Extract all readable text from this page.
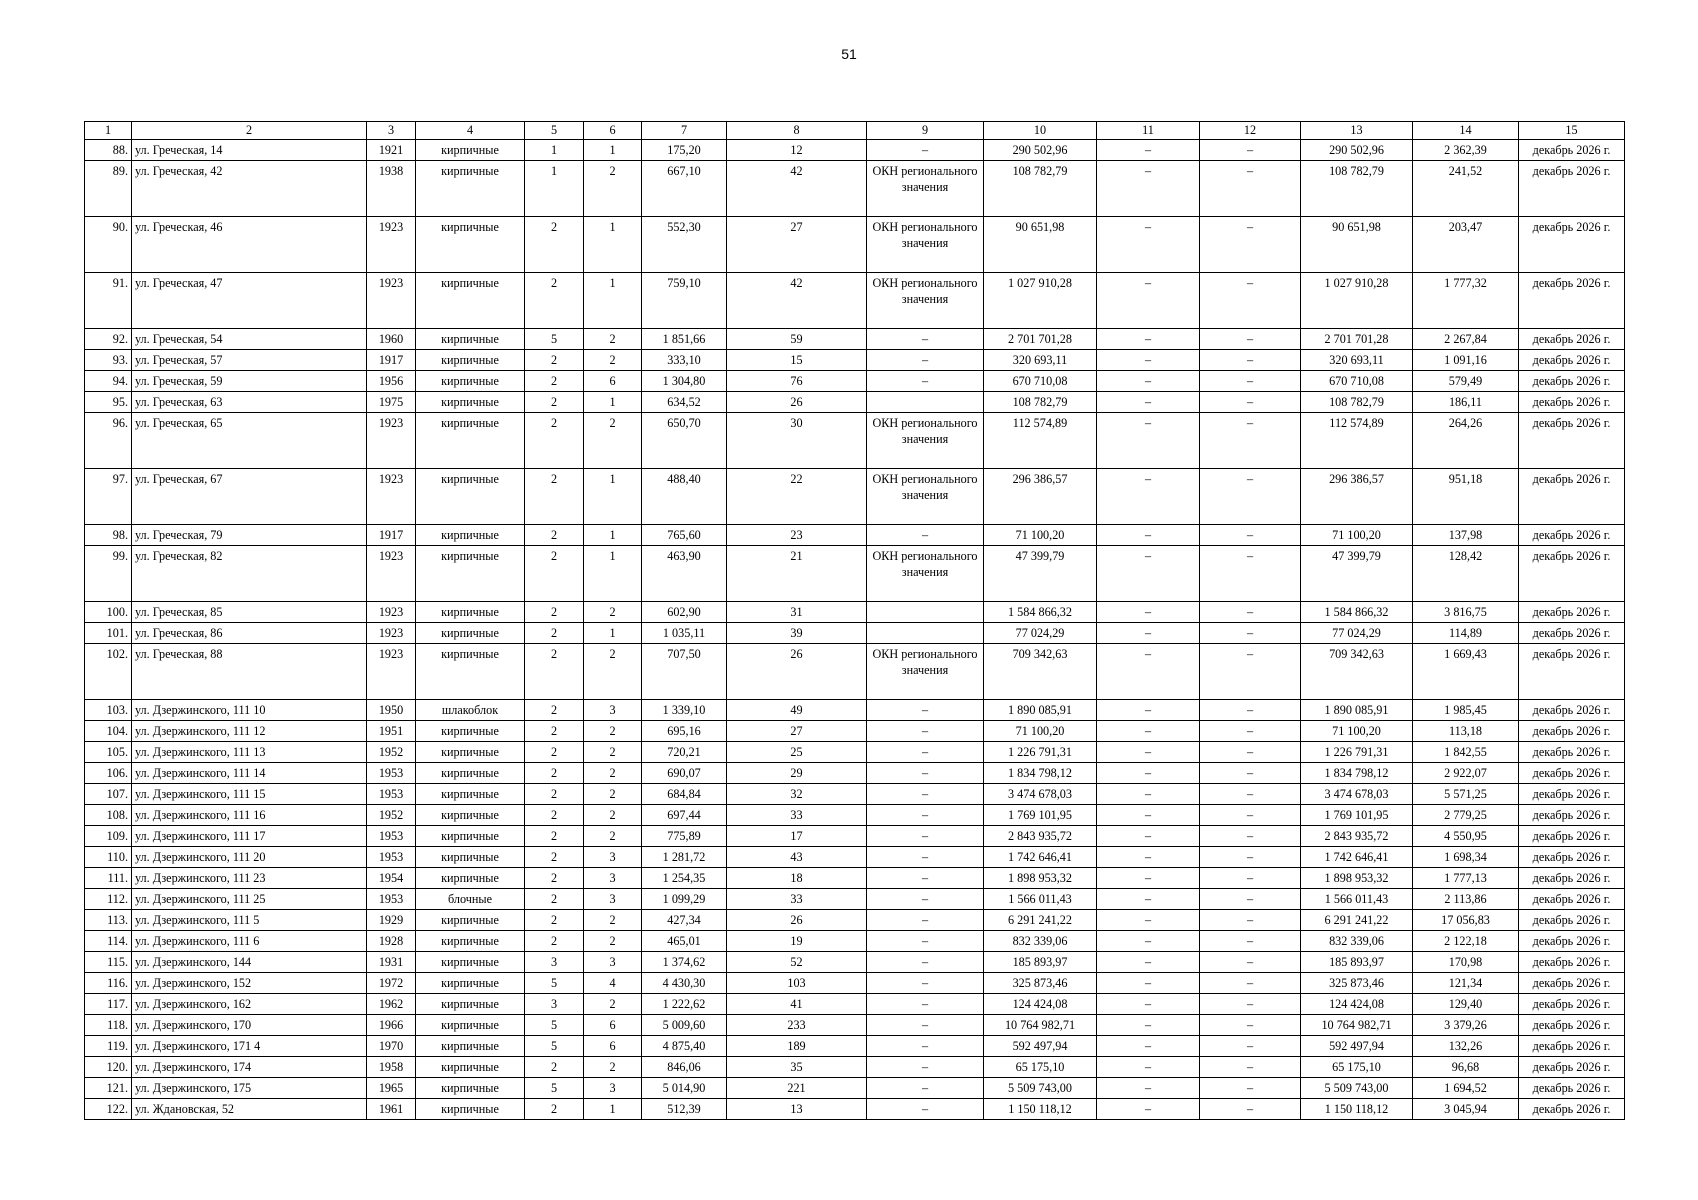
51
1	2	3	4	5	6	7	8	9	10	11	12	13	14	15
88.	ул. Греческая, 14	1921	кирпичные	1	1	175,20	12	–	290 502,96	–	–	290 502,96	2 362,39	декабрь 2026 г.
89.	ул. Греческая, 42	1938	кирпичные	1	2	667,10	42	ОКН регионального значения	108 782,79	–	–	108 782,79	241,52	декабрь 2026 г.
90.	ул. Греческая, 46	1923	кирпичные	2	1	552,30	27	ОКН регионального значения	90 651,98	–	–	90 651,98	203,47	декабрь 2026 г.
91.	ул. Греческая, 47	1923	кирпичные	2	1	759,10	42	ОКН регионального значения	1 027 910,28	–	–	1 027 910,28	1 777,32	декабрь 2026 г.
92.	ул. Греческая, 54	1960	кирпичные	5	2	1 851,66	59	–	2 701 701,28	–	–	2 701 701,28	2 267,84	декабрь 2026 г.
93.	ул. Греческая, 57	1917	кирпичные	2	2	333,10	15	–	320 693,11	–	–	320 693,11	1 091,16	декабрь 2026 г.
94.	ул. Греческая, 59	1956	кирпичные	2	6	1 304,80	76	–	670 710,08	–	–	670 710,08	579,49	декабрь 2026 г.
95.	ул. Греческая, 63	1975	кирпичные	2	1	634,52	26		108 782,79	–	–	108 782,79	186,11	декабрь 2026 г.
96.	ул. Греческая, 65	1923	кирпичные	2	2	650,70	30	ОКН регионального значения	112 574,89	–	–	112 574,89	264,26	декабрь 2026 г.
97.	ул. Греческая, 67	1923	кирпичные	2	1	488,40	22	ОКН регионального значения	296 386,57	–	–	296 386,57	951,18	декабрь 2026 г.
98.	ул. Греческая, 79	1917	кирпичные	2	1	765,60	23	–	71 100,20	–	–	71 100,20	137,98	декабрь 2026 г.
99.	ул. Греческая, 82	1923	кирпичные	2	1	463,90	21	ОКН регионального значения	47 399,79	–	–	47 399,79	128,42	декабрь 2026 г.
100.	ул. Греческая, 85	1923	кирпичные	2	2	602,90	31		1 584 866,32	–	–	1 584 866,32	3 816,75	декабрь 2026 г.
101.	ул. Греческая, 86	1923	кирпичные	2	1	1 035,11	39		77 024,29	–	–	77 024,29	114,89	декабрь 2026 г.
102.	ул. Греческая, 88	1923	кирпичные	2	2	707,50	26	ОКН регионального значения	709 342,63	–	–	709 342,63	1 669,43	декабрь 2026 г.
103.	ул. Дзержинского, 111 10	1950	шлакоблок	2	3	1 339,10	49	–	1 890 085,91	–	–	1 890 085,91	1 985,45	декабрь 2026 г.
104.	ул. Дзержинского, 111 12	1951	кирпичные	2	2	695,16	27	–	71 100,20	–	–	71 100,20	113,18	декабрь 2026 г.
105.	ул. Дзержинского, 111 13	1952	кирпичные	2	2	720,21	25	–	1 226 791,31	–	–	1 226 791,31	1 842,55	декабрь 2026 г.
106.	ул. Дзержинского, 111 14	1953	кирпичные	2	2	690,07	29	–	1 834 798,12	–	–	1 834 798,12	2 922,07	декабрь 2026 г.
107.	ул. Дзержинского, 111 15	1953	кирпичные	2	2	684,84	32	–	3 474 678,03	–	–	3 474 678,03	5 571,25	декабрь 2026 г.
108.	ул. Дзержинского, 111 16	1952	кирпичные	2	2	697,44	33	–	1 769 101,95	–	–	1 769 101,95	2 779,25	декабрь 2026 г.
109.	ул. Дзержинского, 111 17	1953	кирпичные	2	2	775,89	17	–	2 843 935,72	–	–	2 843 935,72	4 550,95	декабрь 2026 г.
110.	ул. Дзержинского, 111 20	1953	кирпичные	2	3	1 281,72	43	–	1 742 646,41	–	–	1 742 646,41	1 698,34	декабрь 2026 г.
111.	ул. Дзержинского, 111 23	1954	кирпичные	2	3	1 254,35	18	–	1 898 953,32	–	–	1 898 953,32	1 777,13	декабрь 2026 г.
112.	ул. Дзержинского, 111 25	1953	блочные	2	3	1 099,29	33	–	1 566 011,43	–	–	1 566 011,43	2 113,86	декабрь 2026 г.
113.	ул. Дзержинского, 111 5	1929	кирпичные	2	2	427,34	26	–	6 291 241,22	–	–	6 291 241,22	17 056,83	декабрь 2026 г.
114.	ул. Дзержинского, 111 6	1928	кирпичные	2	2	465,01	19	–	832 339,06	–	–	832 339,06	2 122,18	декабрь 2026 г.
115.	ул. Дзержинского, 144	1931	кирпичные	3	3	1 374,62	52	–	185 893,97	–	–	185 893,97	170,98	декабрь 2026 г.
116.	ул. Дзержинского, 152	1972	кирпичные	5	4	4 430,30	103	–	325 873,46	–	–	325 873,46	121,34	декабрь 2026 г.
117.	ул. Дзержинского, 162	1962	кирпичные	3	2	1 222,62	41	–	124 424,08	–	–	124 424,08	129,40	декабрь 2026 г.
118.	ул. Дзержинского, 170	1966	кирпичные	5	6	5 009,60	233	–	10 764 982,71	–	–	10 764 982,71	3 379,26	декабрь 2026 г.
119.	ул. Дзержинского, 171 4	1970	кирпичные	5	6	4 875,40	189	–	592 497,94	–	–	592 497,94	132,26	декабрь 2026 г.
120.	ул. Дзержинского, 174	1958	кирпичные	2	2	846,06	35	–	65 175,10	–	–	65 175,10	96,68	декабрь 2026 г.
121.	ул. Дзержинского, 175	1965	кирпичные	5	3	5 014,90	221	–	5 509 743,00	–	–	5 509 743,00	1 694,52	декабрь 2026 г.
122.	ул. Ждановская, 52	1961	кирпичные	2	1	512,39	13	–	1 150 118,12	–	–	1 150 118,12	3 045,94	декабрь 2026 г.
